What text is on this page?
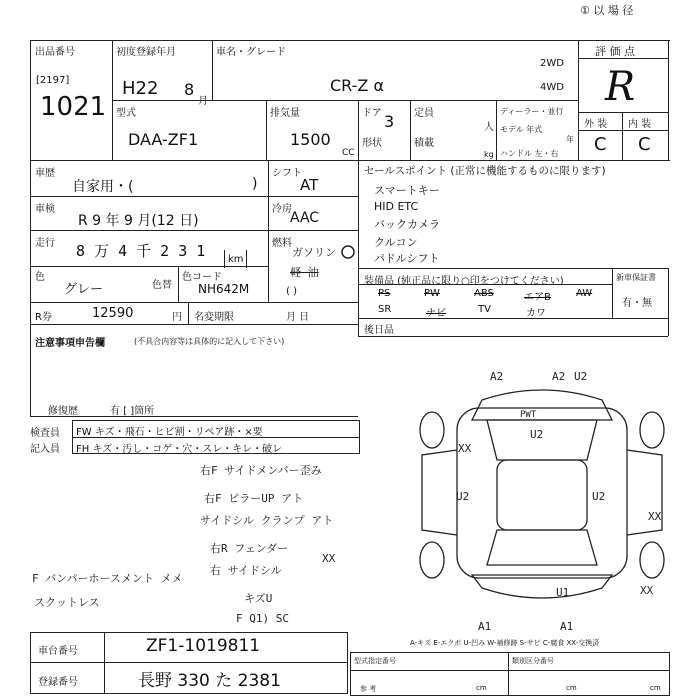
① 以 場 径
出品番号
[2197]
1021
初度登録年月
H22 8
月
車名・グレード
CR-Z α
2WD
4WD
評 価 点
R
外 装 内 装
C C
型式
DAA-ZF1
排気量
1500
CC
ドア 3
形状
定員
人
積載
kg
ディーラー・並行
モデル 年式
年
ハンドル 左・右
車歴
自家用・(	)
シフト
AT
車検
R 9 年 9 月(12 日)
冷房
AAC
走行 8 万 4 千 2 3 1 km
燃料
ガソリン
軽 油
( )
色
グレー	色替
色コード
NH642M
R券	12590	円 名変期限	月 日
注意事項申告欄	(不具合内容等は具体的に記入して下さい)
修復歴	有 [ ]箇所
検査員
記入員
FW キズ・飛石・ヒビ割・リペア跡・×要
FH キズ・汚し・コゲ・穴・スレ・キレ・破レ
セールスポイント (正常に機能するものに限ります)
スマートキー
HID ETC
バックカメラ
クルコン
パドルシフト
装備品 (純正品に限り○印をつけてください)	新車保証書
有・無
PS	PW	ABS	エアB	AW
SR	ナビ	TV	カワ
後日品
A2	A2 U2
PWT
U2
XX
U2	U2
XX
XX
U1
A1	A1
XX
A-キズ E-エクボ U-凹み W-補修跡 S-サビ C-腐食 XX-交換済
右F サイドメンバー歪み
右F ピラーUP アト
サイドシル クランプ アト
右R フェンダー
右 サイドシル
F バンパーホースメント メメ
スクットレス	キズU
F Q1) SC
車台番号	ZF1-1019811
登録番号	長野 330 た 2381
型式指定番号	類別区分番号
参 考	cm	cm	cm
